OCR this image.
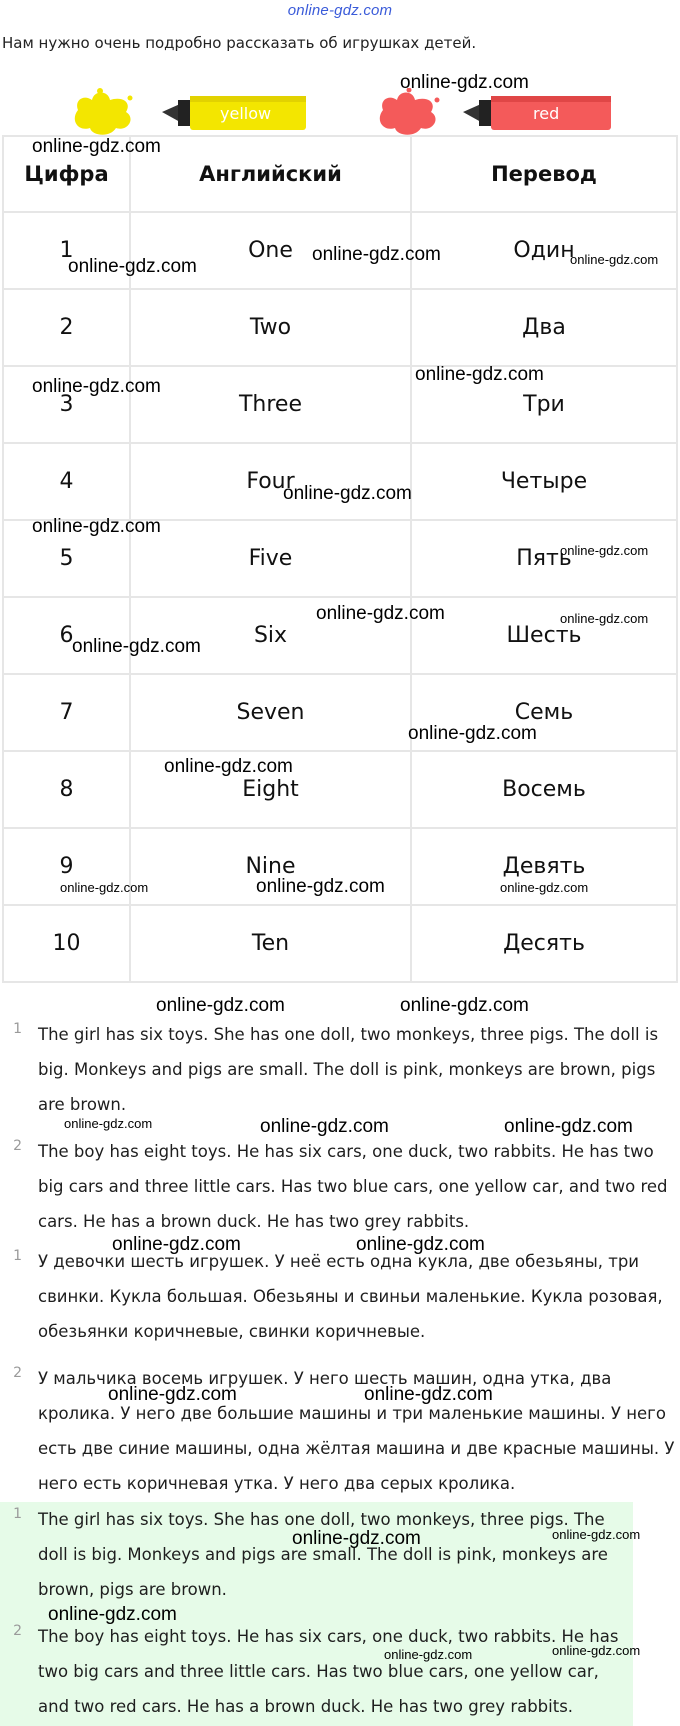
online-gdz.com
Нам нужно очень подробно рассказать об игрушках детей.
yellow	red
Цифра	Английский	Перевод
1	One	Один
2	Two	Два
3	Three	Три
4	Four	Четыре
5	Five	Пять
6	Six	Шесть
7	Seven	Семь
8	Eight	Восемь
9	Nine	Девять
10	Ten	Десять
1 The girl has six toys. She has one doll, two monkeys, three pigs. The doll is big. Monkeys and pigs are small. The doll is pink, monkeys are brown, pigs are brown.
2 The boy has eight toys. He has six cars, one duck, two rabbits. He has two big cars and three little cars. Has two blue cars, one yellow car, and two red cars. He has a brown duck. He has two grey rabbits.
1 У девочки шесть игрушек. У неё есть одна кукла, две обезьяны, три свинки. Кукла большая. Обезьяны и свиньи маленькие. Кукла розовая, обезьянки коричневые, свинки коричневые.
2 У мальчика восемь игрушек. У него шесть машин, одна утка, два кролика. У него две большие машины и три маленькие машины. У него есть две синие машины, одна жёлтая машина и две красные машины. У него есть коричневая утка. У него два серых кролика.
1 The girl has six toys. She has one doll, two monkeys, three pigs. The doll is big. Monkeys and pigs are small. The doll is pink, monkeys are brown, pigs are brown.
2 The boy has eight toys. He has six cars, one duck, two rabbits. He has two big cars and three little cars. Has two blue cars, one yellow car, and two red cars. He has a brown duck. He has two grey rabbits.
online-gdz.com
online-gdz.com
online-gdz.com
online-gdz.com	online-gdz.com
online-gdz.com
online-gdz.com
online-gdz.com
online-gdz.com
online-gdz.com
online-gdz.com	online-gdz.com
online-gdz.com
online-gdz.com
online-gdz.com
online-gdz.com	online-gdz.com	online-gdz.com
online-gdz.com	online-gdz.com
online-gdz.com	online-gdz.com	online-gdz.com
online-gdz.com	online-gdz.com
online-gdz.com	online-gdz.com
online-gdz.com	online-gdz.com
online-gdz.com
online-gdz.com	online-gdz.com
